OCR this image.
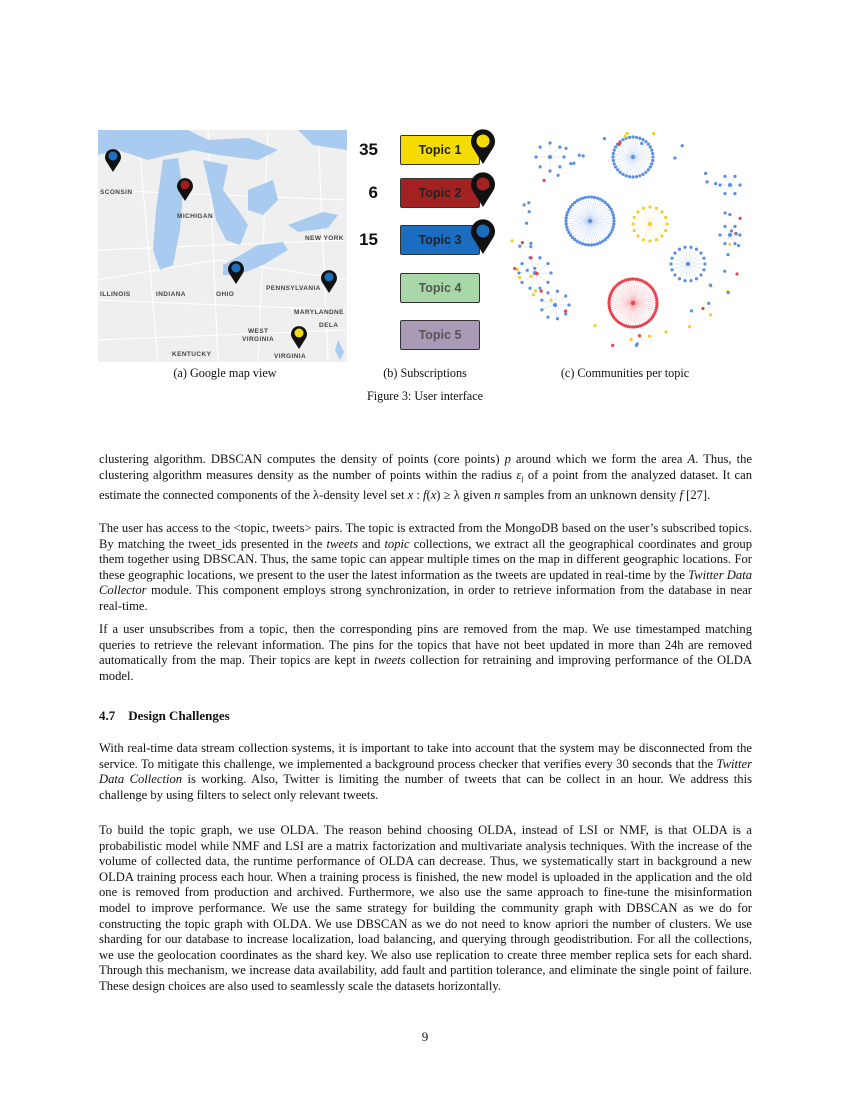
SCONSIN
MICHIGAN
NEW YORK
PENNSYLVANIA
ILLINOIS	INDIANA	OHIO
MARYLAND NE
DELA
WEST
VIRGINIA
KENTUCKY	VIRGINIA
35	Topic 1
6	Topic 2
15	Topic 3
Topic 4
Topic 5
(a) Google map view	(b) Subscriptions	(c) Communities per topic
Figure 3: User interface
clustering algorithm. DBSCAN computes the density of points (core points) p around which we form the area A. Thus, the clustering algorithm measures density as the number of points within the radius $\varepsilon_l$ of a point from the analyzed dataset. It can estimate the connected components of the λ-density level set x : f(x) ≥ λ given n samples from an unknown density f [27].
The user has access to the <topic, tweets> pairs. The topic is extracted from the MongoDB based on the user’s subscribed topics. By matching the tweet_ids presented in the tweets and topic collections, we extract all the geographical coordinates and group them together using DBSCAN. Thus, the same topic can appear multiple times on the map in different geographic locations. For these geographic locations, we present to the user the latest information as the tweets are updated in real-time by the Twitter Data Collector module. This component employs strong synchronization, in order to retrieve information from the database in near real-time.
If a user unsubscribes from a topic, then the corresponding pins are removed from the map. We use timestamped matching queries to retrieve the relevant information. The pins for the topics that have not beet updated in more than 24h are removed automatically from the map. Their topics are kept in tweets collection for retraining and improving performance of the OLDA model.
4.7 Design Challenges
With real-time data stream collection systems, it is important to take into account that the system may be disconnected from the service. To mitigate this challenge, we implemented a background process checker that verifies every 30 seconds that the Twitter Data Collection is working. Also, Twitter is limiting the number of tweets that can be collect in an hour. We address this challenge by using filters to select only relevant tweets.
To build the topic graph, we use OLDA. The reason behind choosing OLDA, instead of LSI or NMF, is that OLDA is a probabilistic model while NMF and LSI are a matrix factorization and multivariate analysis techniques. With the increase of the volume of collected data, the runtime performance of OLDA can decrease. Thus, we systematically start in background a new OLDA training process each hour. When a training process is finished, the new model is uploaded in the application and the old one is removed from production and archived. Furthermore, we also use the same approach to fine-tune the misinformation model to improve performance. We use the same strategy for building the community graph with DBSCAN as we do for constructing the topic graph with OLDA. We use DBSCAN as we do not need to know apriori the number of clusters. We use sharding for our database to increase localization, load balancing, and querying through geodistribution. For all the collections, we use the geolocation coordinates as the shard key. We also use replication to create three member replica sets for each shard. Through this mechanism, we increase data availability, add fault and partition tolerance, and eliminate the single point of failure. These design choices are also used to seamlessly scale the datasets horizontally.
9
